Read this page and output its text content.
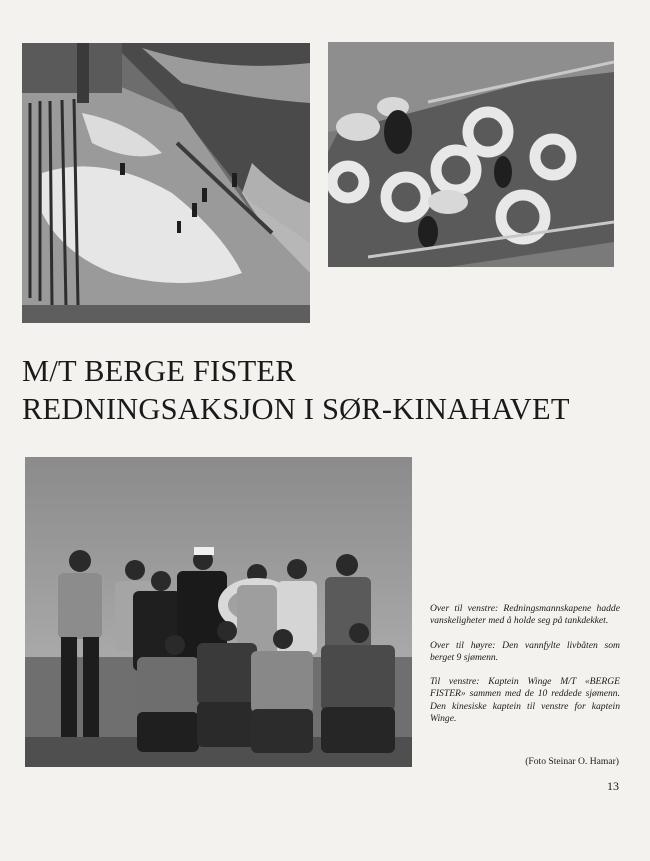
M/T BERGE FISTER
REDNINGSAKSJON I SØR-KINAHAVET

Over til venstre: Redningsmannskapene hadde vanskeligheter med å holde seg på tankdekket.

Over til høyre: Den vannfylte livbåten som berget 9 sjømenn.

Til venstre: Kaptein Winge M/T «BERGE FISTER» sammen med de 10 reddede sjømenn. Den kinesiske kaptein til venstre for kaptein Winge.

(Foto Steinar O. Hamar)
13
